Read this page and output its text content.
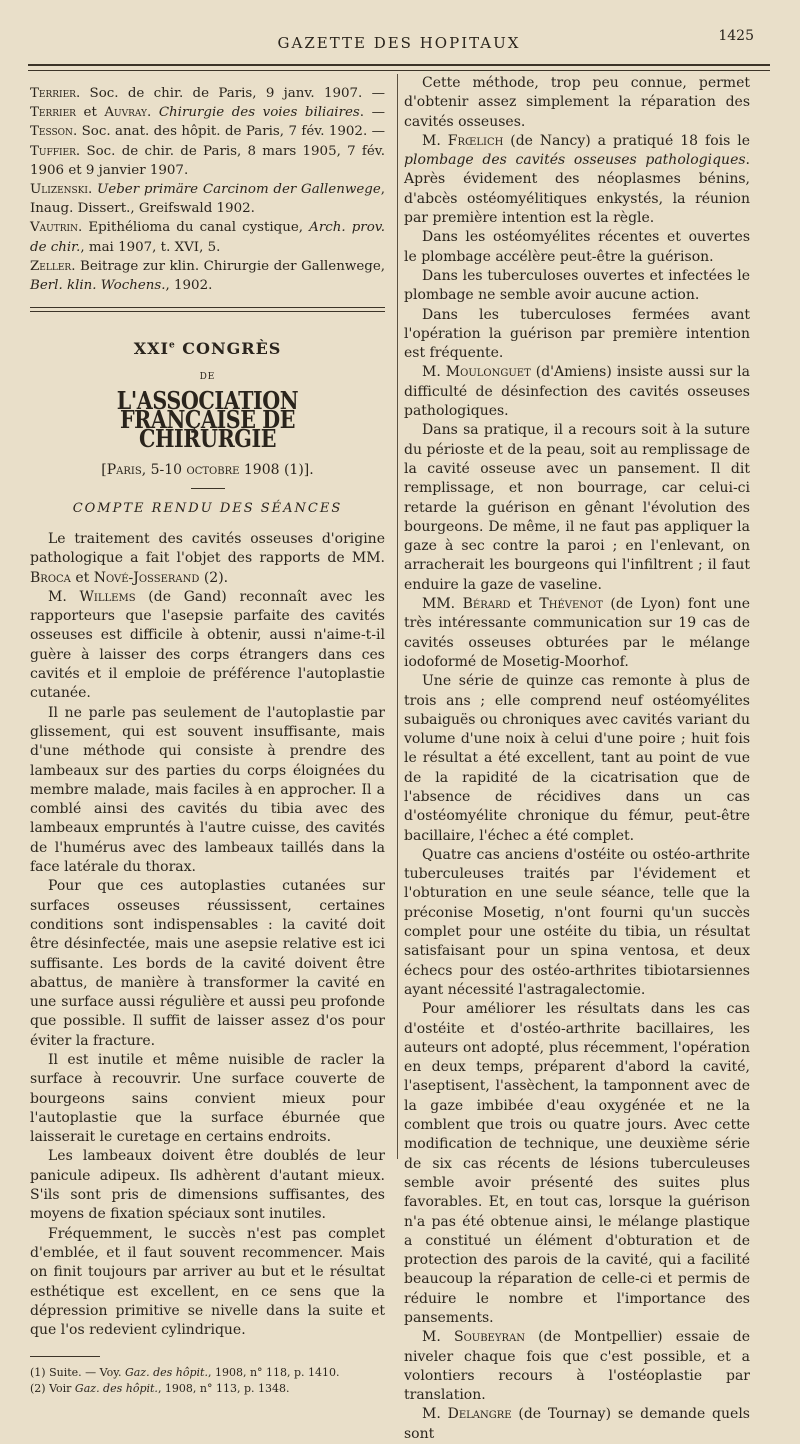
GAZETTE DES HOPITAUX	1425

Terrier. Soc. de chir. de Paris, 9 janv. 1907. — Terrier et Auvray. Chirurgie des voies biliaires. — Tesson. Soc. anat. des hôpit. de Paris, 7 fév. 1902. — Tuffier. Soc. de chir. de Paris, 8 mars 1905, 7 fév. 1906 et 9 janvier 1907.

Ulizenski. Ueber primäre Carcinom der Gallenwege, Inaug. Dissert., Greifswald 1902.

Vautrin. Epithélioma du canal cystique, Arch. prov. de chir., mai 1907, t. XVI, 5.

Zeller. Beitrage zur klin. Chirurgie der Gallenwege, Berl. klin. Wochens., 1902.

XXIe CONGRÈS
DE
L'ASSOCIATION FRANÇAISE DE CHIRURGIE
[Paris, 5-10 octobre 1908 (1)].
COMPTE RENDU DES SÉANCES

Le traitement des cavités osseuses d'origine pathologique a fait l'objet des rapports de MM. Broca et Nové-Josserand (2).

M. Willems (de Gand) reconnaît avec les rapporteurs que l'asepsie parfaite des cavités osseuses est difficile à obtenir, aussi n'aime-t-il guère à laisser des corps étrangers dans ces cavités et il emploie de préférence l'autoplastie cutanée.

Il ne parle pas seulement de l'autoplastie par glissement, qui est souvent insuffisante, mais d'une méthode qui consiste à prendre des lambeaux sur des parties du corps éloignées du membre malade, mais faciles à en approcher. Il a comblé ainsi des cavités du tibia avec des lambeaux empruntés à l'autre cuisse, des cavités de l'humérus avec des lambeaux taillés dans la face latérale du thorax.

Pour que ces autoplasties cutanées sur surfaces osseuses réussissent, certaines conditions sont indispensables : la cavité doit être désinfectée, mais une asepsie relative est ici suffisante. Les bords de la cavité doivent être abattus, de manière à transformer la cavité en une surface aussi régulière et aussi peu profonde que possible. Il suffit de laisser assez d'os pour éviter la fracture.

Il est inutile et même nuisible de racler la surface à recouvrir. Une surface couverte de bourgeons sains convient mieux pour l'autoplastie que la surface éburnée que laisserait le curetage en certains endroits.

Les lambeaux doivent être doublés de leur panicule adipeux. Ils adhèrent d'autant mieux. S'ils sont pris de dimensions suffisantes, des moyens de fixation spéciaux sont inutiles.

Fréquemment, le succès n'est pas complet d'emblée, et il faut souvent recommencer. Mais on finit toujours par arriver au but et le résultat esthétique est excellent, en ce sens que la dépression primitive se nivelle dans la suite et que l'os redevient cylindrique.

(1) Suite. — Voy. Gaz. des hôpit., 1908, n° 118, p. 1410.

(2) Voir Gaz. des hôpit., 1908, n° 113, p. 1348.

Cette méthode, trop peu connue, permet d'obtenir assez simplement la réparation des cavités osseuses.

M. Frœlich (de Nancy) a pratiqué 18 fois le plombage des cavités osseuses pathologiques. Après évidement des néoplasmes bénins, d'abcès ostéomyélitiques enkystés, la réunion par première intention est la règle.

Dans les ostéomyélites récentes et ouvertes le plombage accélère peut-être la guérison.

Dans les tuberculoses ouvertes et infectées le plombage ne semble avoir aucune action.

Dans les tuberculoses fermées avant l'opération la guérison par première intention est fréquente.

M. Moulonguet (d'Amiens) insiste aussi sur la difficulté de désinfection des cavités osseuses pathologiques.

Dans sa pratique, il a recours soit à la suture du périoste et de la peau, soit au remplissage de la cavité osseuse avec un pansement. Il dit remplissage, et non bourrage, car celui-ci retarde la guérison en gênant l'évolution des bourgeons. De même, il ne faut pas appliquer la gaze à sec contre la paroi ; en l'enlevant, on arracherait les bourgeons qui l'infiltrent ; il faut enduire la gaze de vaseline.

MM. Bérard et Thévenot (de Lyon) font une très intéressante communication sur 19 cas de cavités osseuses obturées par le mélange iodoformé de Mosetig-Moorhof.

Une série de quinze cas remonte à plus de trois ans ; elle comprend neuf ostéomyélites subaiguës ou chroniques avec cavités variant du volume d'une noix à celui d'une poire ; huit fois le résultat a été excellent, tant au point de vue de la rapidité de la cicatrisation que de l'absence de récidives dans un cas d'ostéomyélite chronique du fémur, peut-être bacillaire, l'échec a été complet.

Quatre cas anciens d'ostéite ou ostéo-arthrite tuberculeuses traités par l'évidement et l'obturation en une seule séance, telle que la préconise Mosetig, n'ont fourni qu'un succès complet pour une ostéite du tibia, un résultat satisfaisant pour un spina ventosa, et deux échecs pour des ostéo-arthrites tibiotarsiennes ayant nécessité l'astragalectomie.

Pour améliorer les résultats dans les cas d'ostéite et d'ostéo-arthrite bacillaires, les auteurs ont adopté, plus récemment, l'opération en deux temps, préparent d'abord la cavité, l'aseptisent, l'assèchent, la tamponnent avec de la gaze imbibée d'eau oxygénée et ne la comblent que trois ou quatre jours. Avec cette modification de technique, une deuxième série de six cas récents de lésions tuberculeuses semble avoir présenté des suites plus favorables. Et, en tout cas, lorsque la guérison n'a pas été obtenue ainsi, le mélange plastique a constitué un élément d'obturation et de protection des parois de la cavité, qui a facilité beaucoup la réparation de celle-ci et permis de réduire le nombre et l'importance des pansements.

M. Soubeyran (de Montpellier) essaie de niveler chaque fois que c'est possible, et a volontiers recours à l'ostéoplastie par translation.

M. Delangre (de Tournay) se demande quels sont
